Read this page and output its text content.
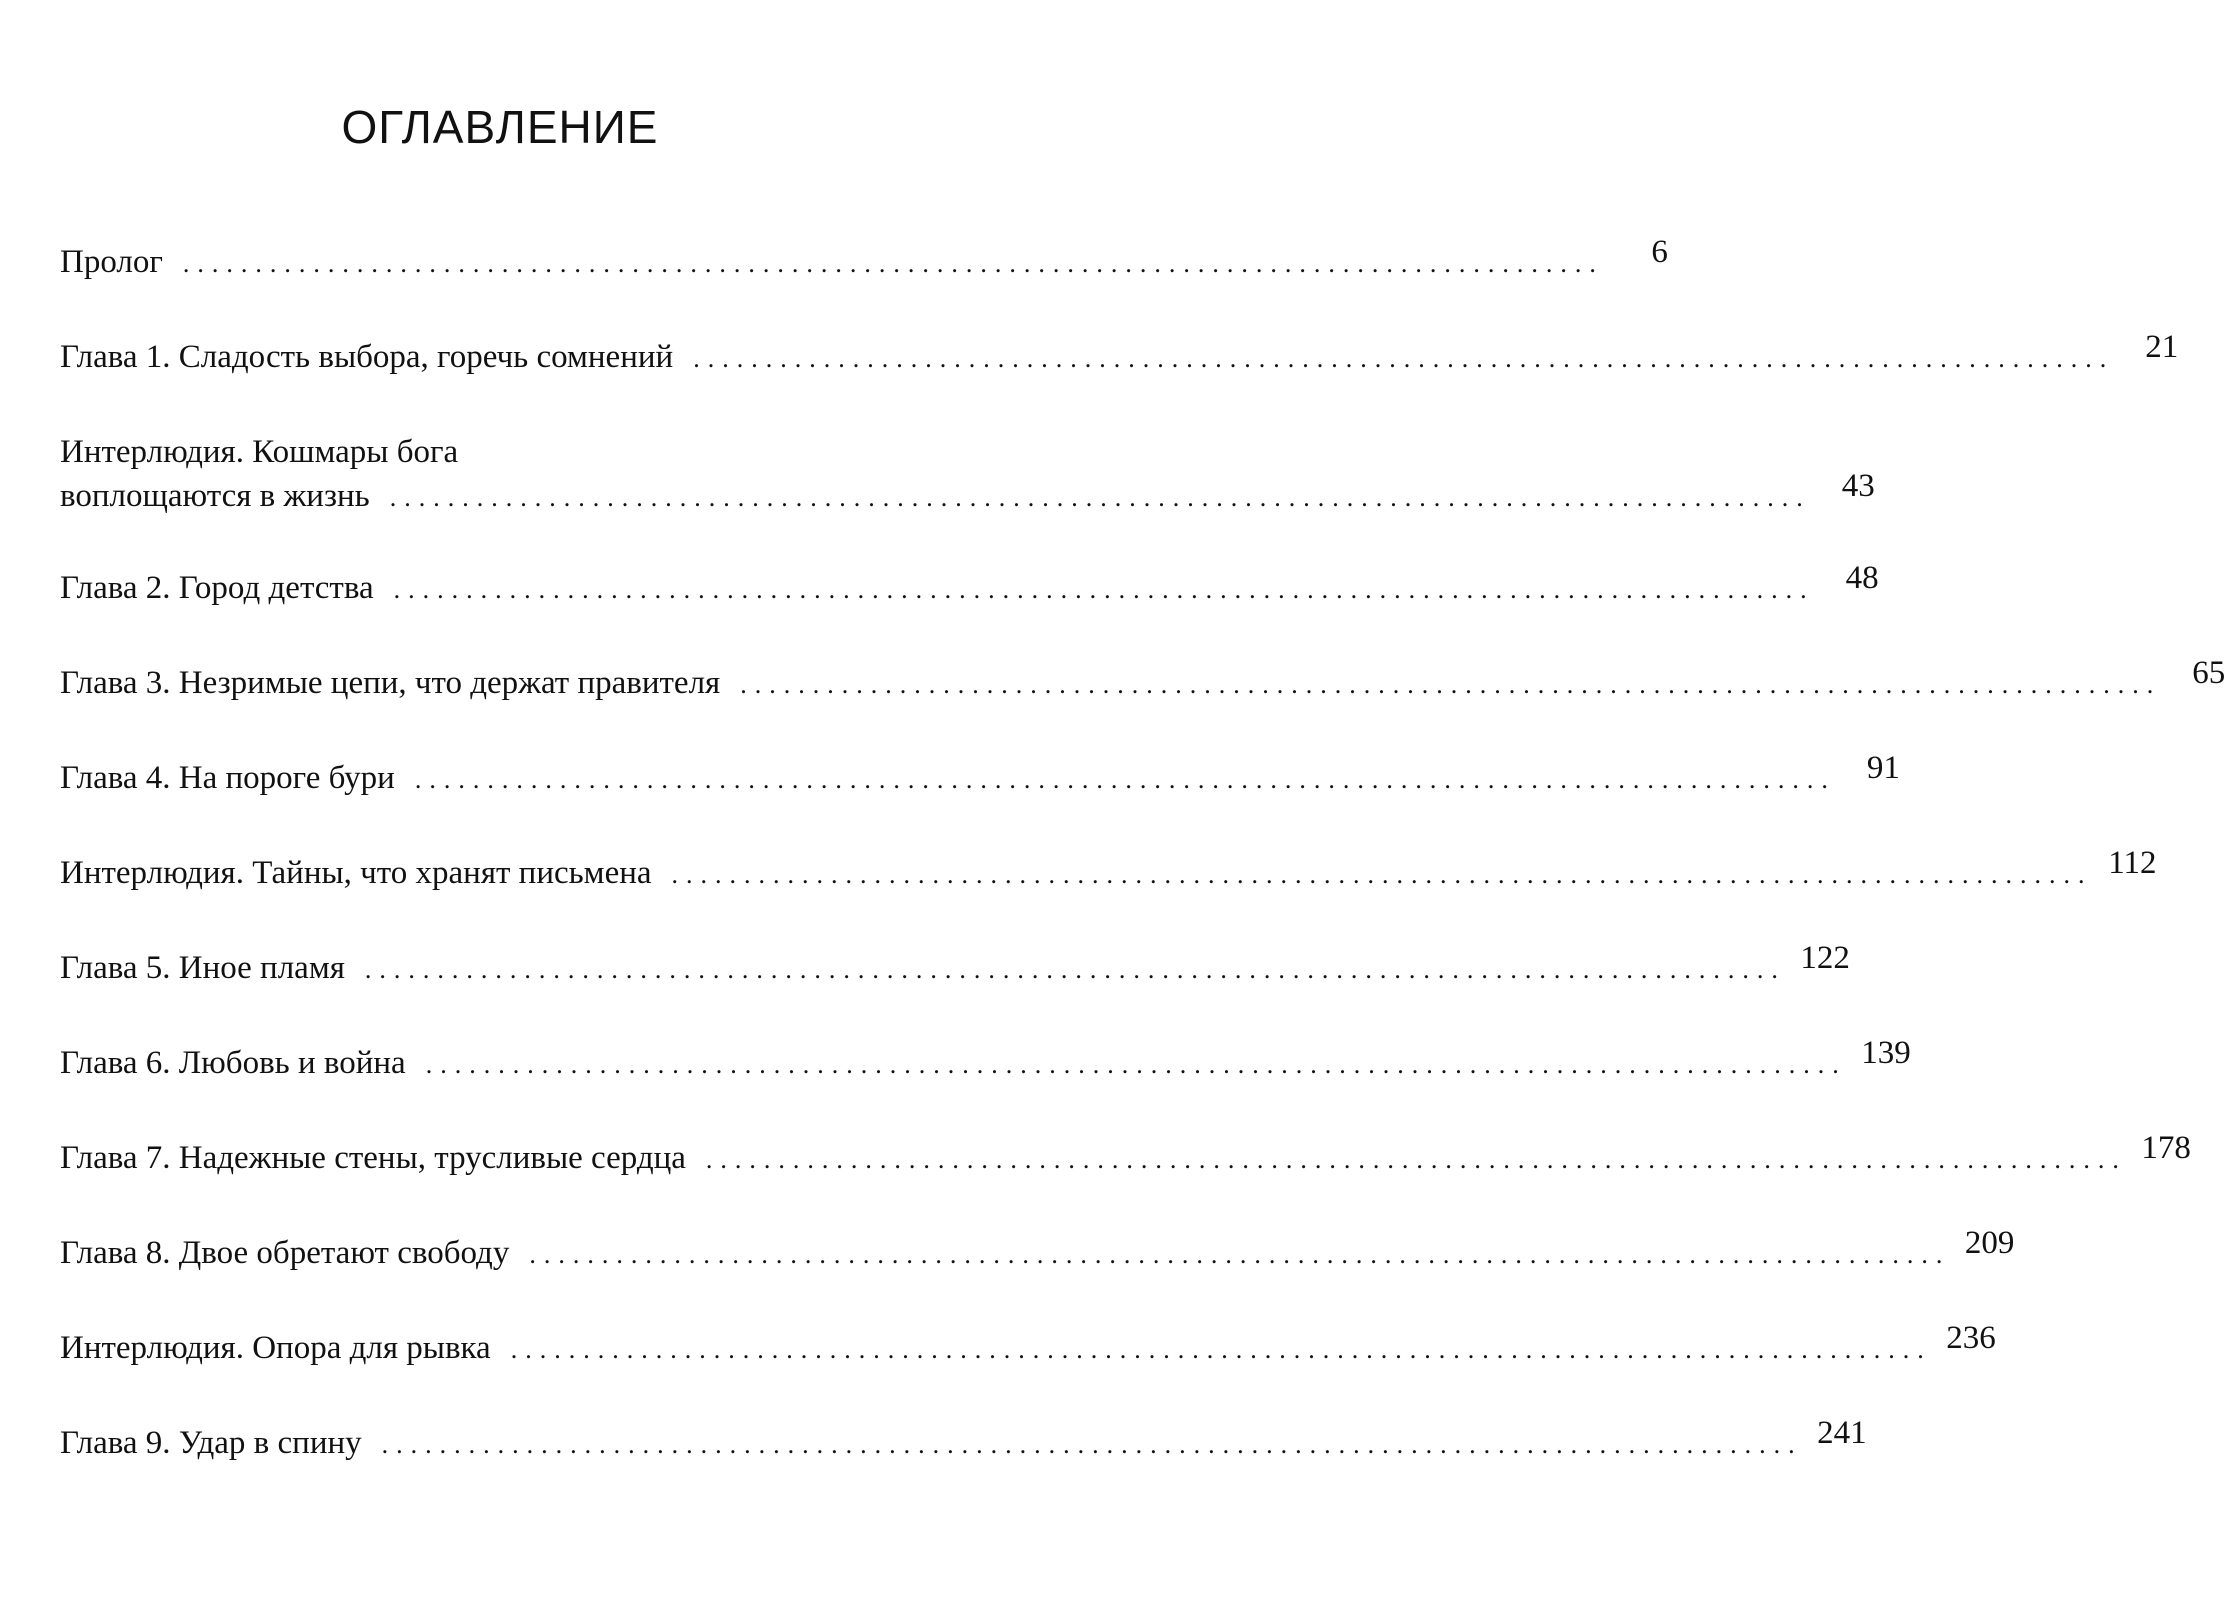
ОГЛАВЛЕНИЕ
Пролог ..................................................................................................	6
Глава 1. Сладость выбора, горечь сомнений .................................................................................................. 21
Интерлюдия. Кошмары бога
воплощаются в жизнь .................................................................................................. 43
Глава 2. Город детства .................................................................................................. 48
Глава 3. Незримые цепи, что держат правителя .................................................................................................. 65
Глава 4. На пороге бури .................................................................................................. 91
Интерлюдия. Тайны, что хранят письмена .................................................................................................. 112
Глава 5. Иное пламя .................................................................................................. 122
Глава 6. Любовь и война .................................................................................................. 139
Глава 7. Надежные стены, трусливые сердца .................................................................................................. 178
Глава 8. Двое обретают свободу .................................................................................................. 209
Интерлюдия. Опора для рывка .................................................................................................. 236
Глава 9. Удар в спину .................................................................................................. 241
